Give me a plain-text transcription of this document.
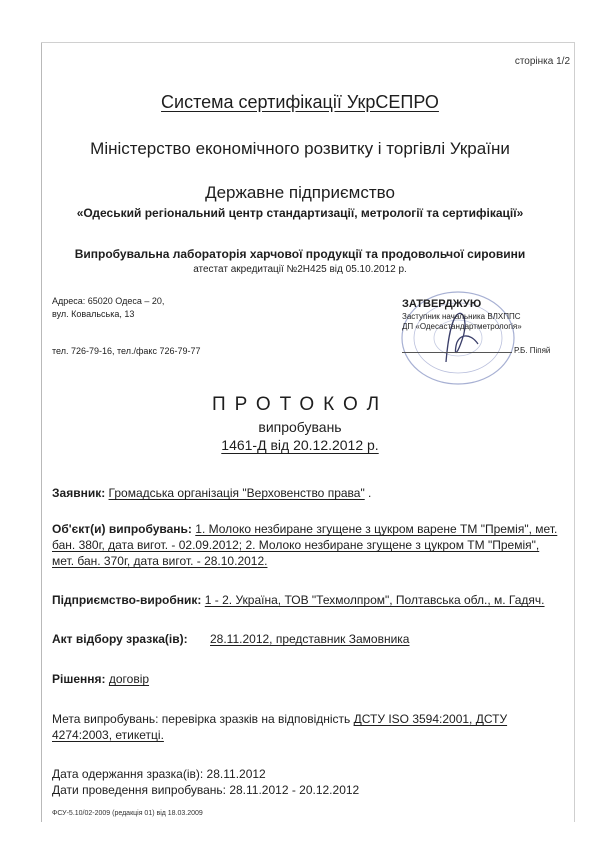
сторінка 1/2
Система сертифікації УкрСЕПРО
Міністерство економічного розвитку і торгівлі України
Державне підприємство
«Одеський регіональний центр стандартизації, метрології та сертифікації»
Випробувальна лабораторія харчової продукції та продовольчої сировини
атестат акредитації №2Н425 від 05.10.2012 р.
Адреса: 65020 Одеса – 20,
вул. Ковальська, 13
тел. 726-79-16, тел./факс 726-79-77
ЗАТВЕРДЖУЮ
Заступник начальника ВЛХППС
ДП «Одесастандартметрологія»
Р.Б. Піпяй
ПРОТОКОЛ
випробувань
1461-Д від 20.12.2012 р.
Заявник: Громадська організація "Верховенство права" .
Об'єкт(и) випробувань: 1. Молоко незбиране згущене з цукром варене ТМ "Премія", мет.
бан. 380г, дата вигот. - 02.09.2012; 2. Молоко незбиране згущене з цукром ТМ "Премія",
мет. бан. 370г, дата вигот. - 28.10.2012.
Підприємство-виробник: 1 - 2. Україна, ТОВ "Техмолпром", Полтавська обл., м. Гадяч.
Акт відбору зразка(ів): 28.11.2012, представник Замовника
Рішення: договір
Мета випробувань: перевірка зразків на відповідність ДСТУ ISO 3594:2001, ДСТУ
4274:2003, етикетці.
Дата одержання зразка(ів): 28.11.2012
Дати проведення випробувань: 28.11.2012 - 20.12.2012
ФСУ-5.10/02-2009 (редакція 01) від 18.03.2009
